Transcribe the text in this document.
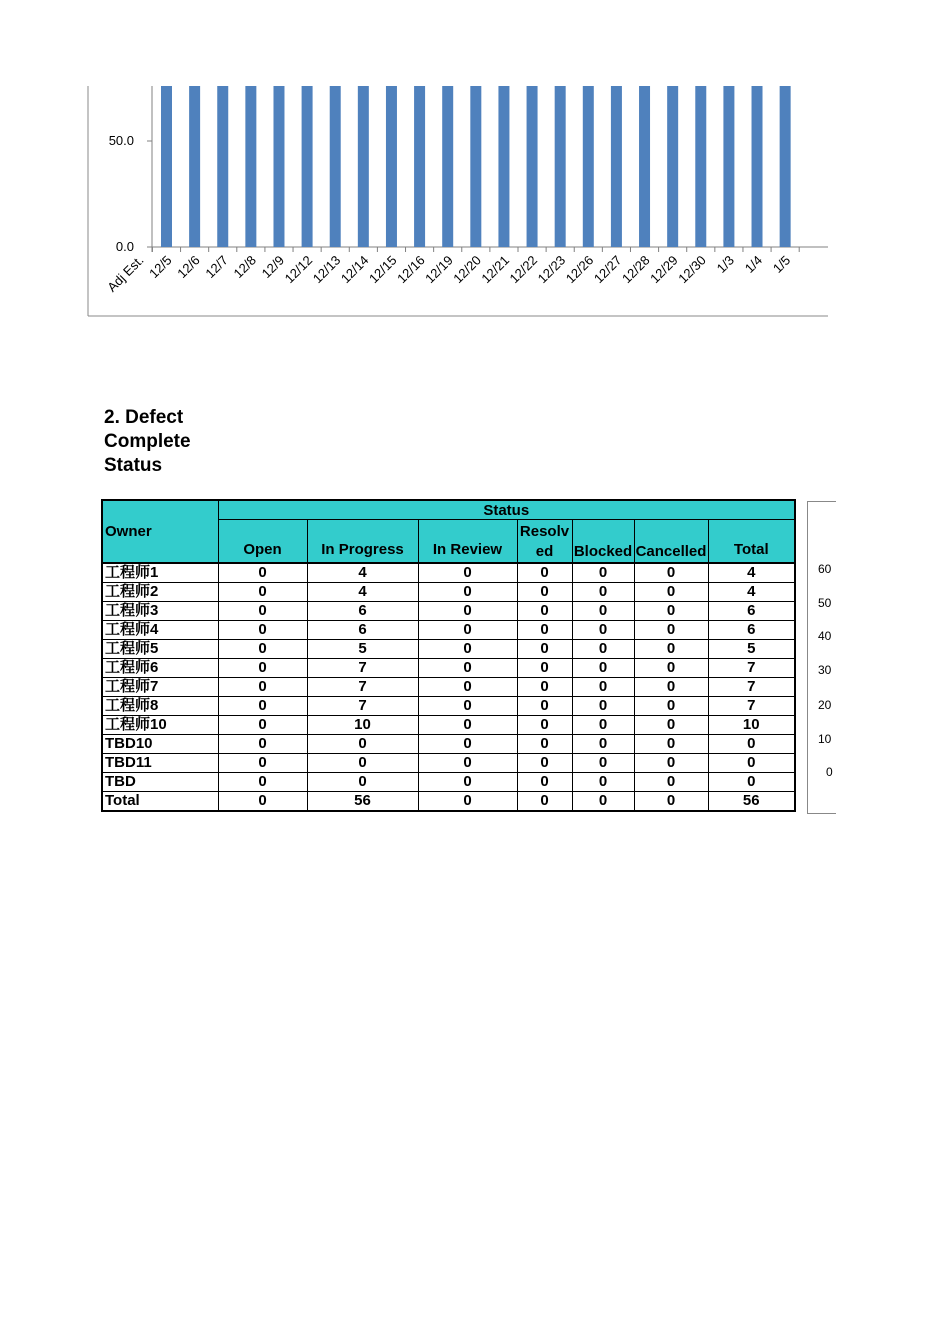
0.0
50.0
Adj Est. 12/5 12/6 12/7 12/8 12/9
12/12
12/13
12/14
12/15
12/16
12/19
12/20
12/21
12/22
12/23
12/26
12/27
12/28
12/29
12/30 1/3 1/4 1/5
2. Defect Complete Status
Owner	Status						
	Open	In Progress	In Review	Resolved	Blocked	Cancelled	Total
工程师1	0	4	0	0	0	0	4
工程师2	0	4	0	0	0	0	4
工程师3	0	6	0	0	0	0	6
工程师4	0	6	0	0	0	0	6
工程师5	0	5	0	0	0	0	5
工程师6	0	7	0	0	0	0	7
工程师7	0	7	0	0	0	0	7
工程师8	0	7	0	0	0	0	7
工程师10	0	10	0	0	0	0	10
TBD10	0	0	0	0	0	0	0
TBD11	0	0	0	0	0	0	0
TBD	0	0	0	0	0	0	0
Total	0	56	0	0	0	0	56
60
50
40
30
20
10
0
